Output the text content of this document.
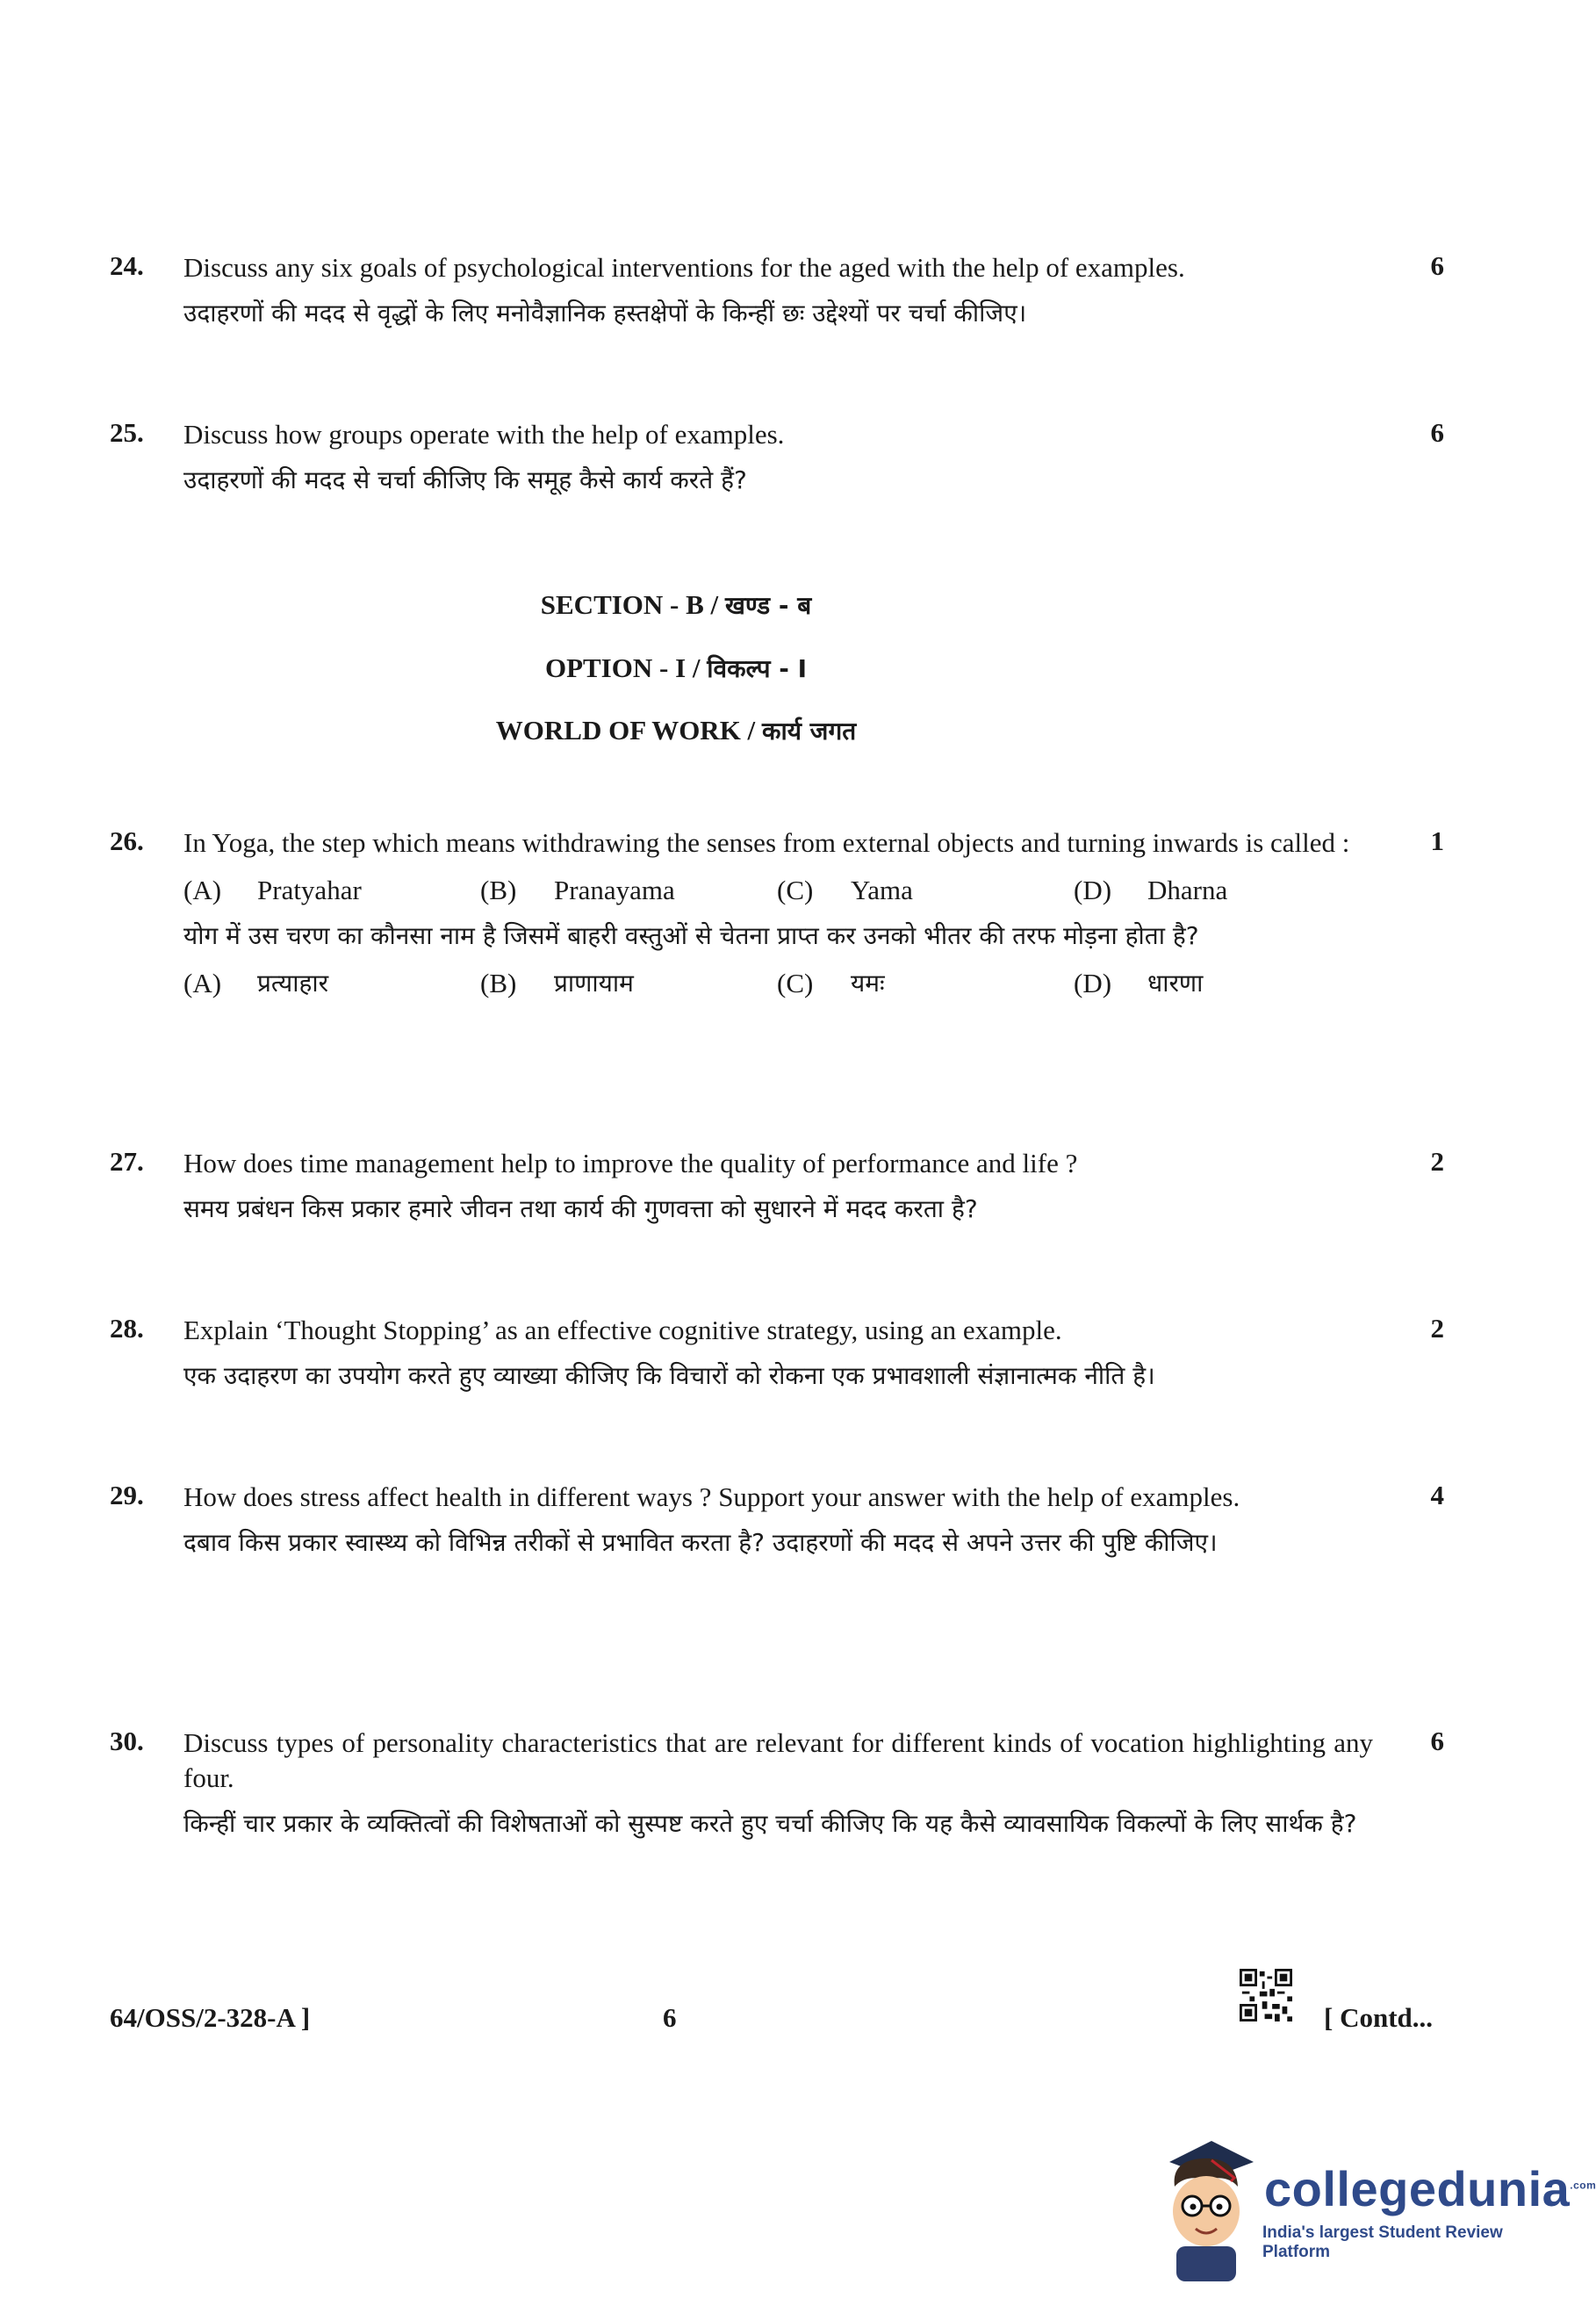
24. Discuss any six goals of psychological interventions for the aged with the help of examples.
उदाहरणों की मदद से वृद्धों के लिए मनोवैज्ञानिक हस्तक्षेपों के किन्हीं छः उद्देश्यों पर चर्चा कीजिए।
6
25. Discuss how groups operate with the help of examples.
उदाहरणों की मदद से चर्चा कीजिए कि समूह कैसे कार्य करते हैं?
6
SECTION - B / खण्ड - ब
OPTION - I / विकल्प - I
WORLD OF WORK / कार्य जगत
26. In Yoga, the step which means withdrawing the senses from external objects and turning inwards is called :
(A)	Pratyahar	(B)	Pranayama	(C)	Yama	(D)	Dharna
योग में उस चरण का कौनसा नाम है जिसमें बाहरी वस्तुओं से चेतना प्राप्त कर उनको भीतर की तरफ मोड़ना होता है?
(A)	प्रत्याहार	(B)	प्राणायाम	(C)	यमः	(D)	धारणा
1
27. How does time management help to improve the quality of performance and life ?
समय प्रबंधन किस प्रकार हमारे जीवन तथा कार्य की गुणवत्ता को सुधारने में मदद करता है?
2
28. Explain ‘Thought Stopping’ as an effective cognitive strategy, using an example.
एक उदाहरण का उपयोग करते हुए व्याख्या कीजिए कि विचारों को रोकना एक प्रभावशाली संज्ञानात्मक नीति है।
2
29. How does stress affect health in different ways ? Support your answer with the help of examples.
दबाव किस प्रकार स्वास्थ्य को विभिन्न तरीकों से प्रभावित करता है? उदाहरणों की मदद से अपने उत्तर की पुष्टि कीजिए।
4
30. Discuss types of personality characteristics that are relevant for different kinds of vocation highlighting any four.
किन्हीं चार प्रकार के व्यक्तित्वों की विशेषताओं को सुस्पष्ट करते हुए चर्चा कीजिए कि यह कैसे व्यावसायिक विकल्पों के लिए सार्थक है?
6
64/OSS/2-328-A ]	6	[ Contd...
collegedunia$^{.com}$
India's largest Student Review Platform
